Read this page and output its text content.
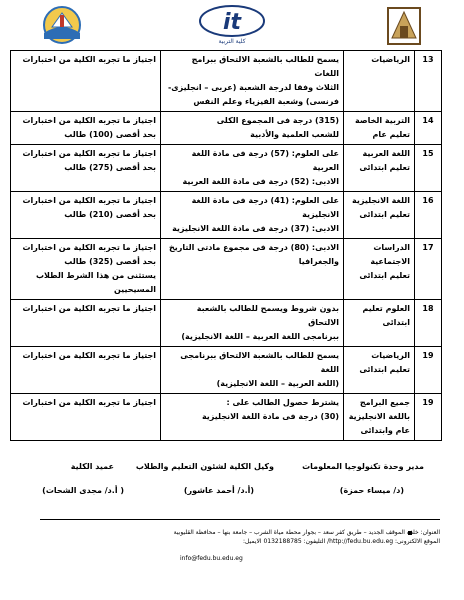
it
كلية التربية
13	الرياضيات	يسمح للطالب بالشعبة الالتحاق ببرامج اللغات
الثلاث وفقا لدرجة الشعبة (عربى – انجليزى-
فرنسى) وشعبة الفيزياء وعلم النفس	اجتياز ما تجربه الكلية من اختبارات

14	التربية الخاصة
تعليم عام	(315) درجة فى المجموع الكلى
للشعب العلمية والأدبية	اجتياز ما تجربه الكلية من اختبارات
بحد أقصى (100) طالب

15	اللغة العربية
تعليم ابتدائى	على العلوم: (57) درجة فى مادة اللغة العربية
الادبى: (52) درجة فى مادة اللغة العربية	اجتياز ما تجربه الكلية من اختبارات
بحد أقصى (275) طالب

16	اللغة الانجليزية
تعليم ابتدائى	على العلوم: (41) درجة فى مادة اللغة الانجليزية
الادبى: (37) درجة فى مادة اللغة الانجليزية	اجتياز ما تجربه الكلية من اختبارات
بحد أقصى (210) طالب

17	الدراسات
الاجتماعية
تعليم ابتدائى	الادبى: (80) درجة فى مجموع مادتى التاريخ
والجغرافيا	اجتياز ما تجربه الكلية من اختبارات
بحد أقصى (325) طالب
يستثنى من هذا الشرط الطلاب
المسيحيين

18	العلوم تعليم
ابتدائى	بدون شروط ويسمح للطالب بالشعبة الالتحاق
ببرنامجى اللغة العربية – اللغة الانجليزية)	اجتياز ما تجربه الكلية من اختبارات

19	الرياضيات
تعليم ابتدائى	يسمح للطالب بالشعبة الالتحاق ببرنامجى اللغة
(اللغة العربية – اللغة الانجليزية)	اجتياز ما تجربه الكلية من اختبارات

19	جميع البرامج
باللغة الانجليزية
عام وابتدائى	يشترط حصول الطالب على :
(30) درجة فى مادة اللغة الانجليزية	اجتياز ما تجربه الكلية من اختبارات
مدير وحدة تكنولوجيا المعلومات
وكيل الكلية لشئون التعليم والطلاب
عميد الكلية
(د/ ميساء حمزة)
(أ.د/ أحمد عاشور)
( أ.د/ مجدى الشحات)
العنوان: خلف الموقف الجديد – طريق كفر سعد – بجوار محطة مياة الشرب – جامعة بنها – محافظة القليوبية
الموقع الالكترونى: http://fedu.bu.edu.eg/ التليفون: 0132188785 الايميل:
info@fedu.bu.edu.eg
